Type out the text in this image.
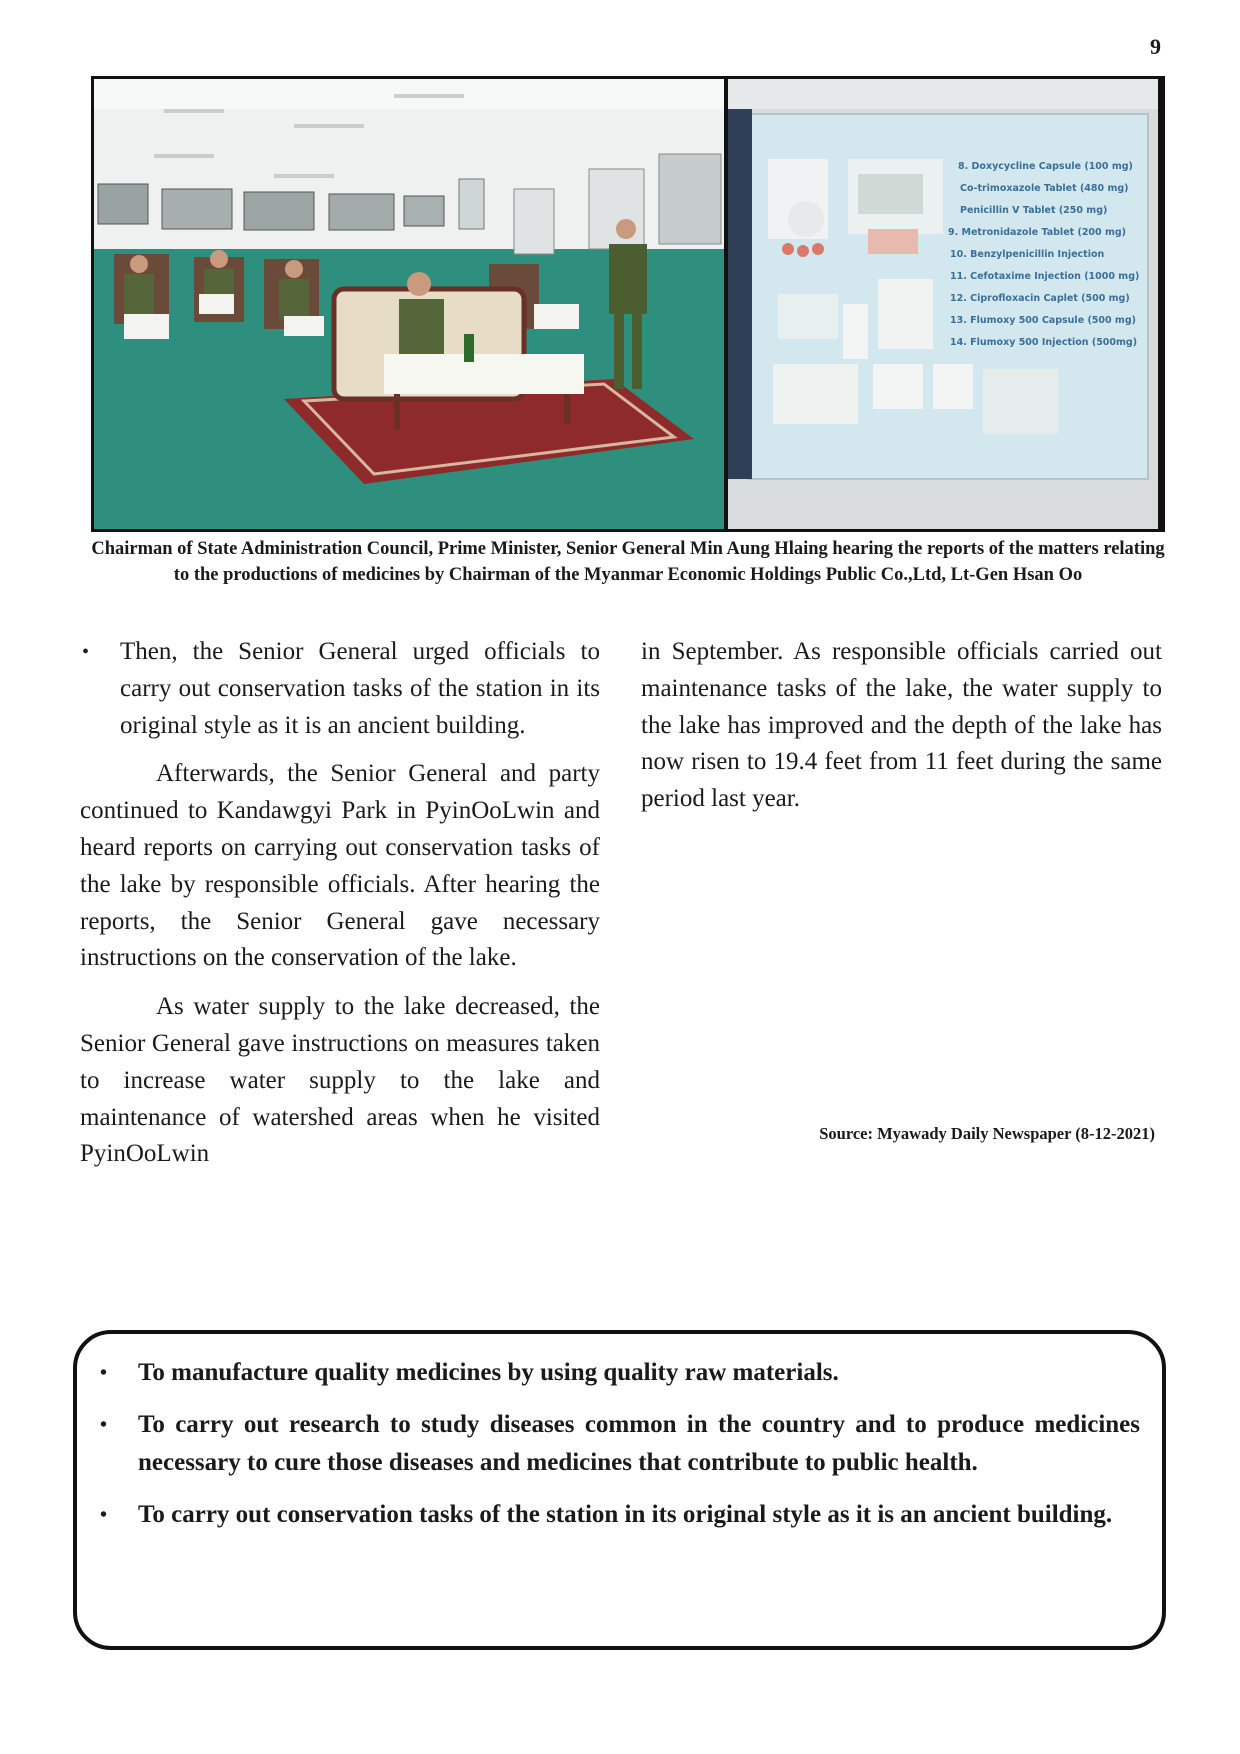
9
8. Doxycycline Capsule (100 mg)
Co-trimoxazole Tablet (480 mg)
Penicillin V Tablet (250 mg)
9. Metronidazole Tablet (200 mg)
10. Benzylpenicillin Injection
11. Cefotaxime Injection (1000 mg)
12. Ciprofloxacin Caplet (500 mg)
13. Flumoxy 500 Capsule (500 mg)
14. Flumoxy 500 Injection (500mg)
Chairman of State Administration Council, Prime Minister, Senior General Min Aung Hlaing hearing the reports of the matters relating to the productions of medicines by Chairman of the Myanmar Economic Holdings Public Co.,Ltd, Lt-Gen Hsan Oo
•	Then, the Senior General urged officials to carry out conservation tasks of the station in its original style as it is an ancient building.

Afterwards, the Senior General and party continued to Kandawgyi Park in PyinOoLwin and heard reports on carrying out conservation tasks of the lake by responsible officials. After hearing the reports, the Senior General gave necessary instructions on the conservation of the lake.

As water supply to the lake decreased, the Senior General gave instructions on measures taken to increase water supply to the lake and maintenance of watershed areas when he visited PyinOoLwin

in September. As responsible officials carried out maintenance tasks of the lake, the water supply to the lake has improved and the depth of the lake has now risen to 19.4 feet from 11 feet during the same period last year.

Source: Myawady Daily Newspaper (8-12-2021)
•	To manufacture quality medicines by using quality raw materials.
•	To carry out research to study diseases common in the country and to produce medicines necessary to cure those diseases and medicines that contribute to public health.
•	To carry out conservation tasks of the station in its original style as it is an ancient building.
